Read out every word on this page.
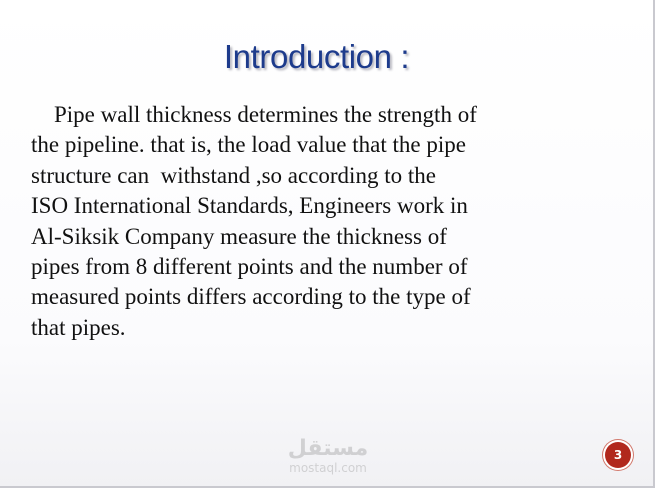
Introduction :

Pipe wall thickness determines the strength of
the pipeline. that is, the load value that the pipe
structure can  withstand ,so according to the
ISO International Standards, Engineers work in
Al-Siksik Company measure the thickness of
pipes from 8 different points and the number of
measured points differs according to the type of
that pipes.

مستقل
mostaql.com
3
